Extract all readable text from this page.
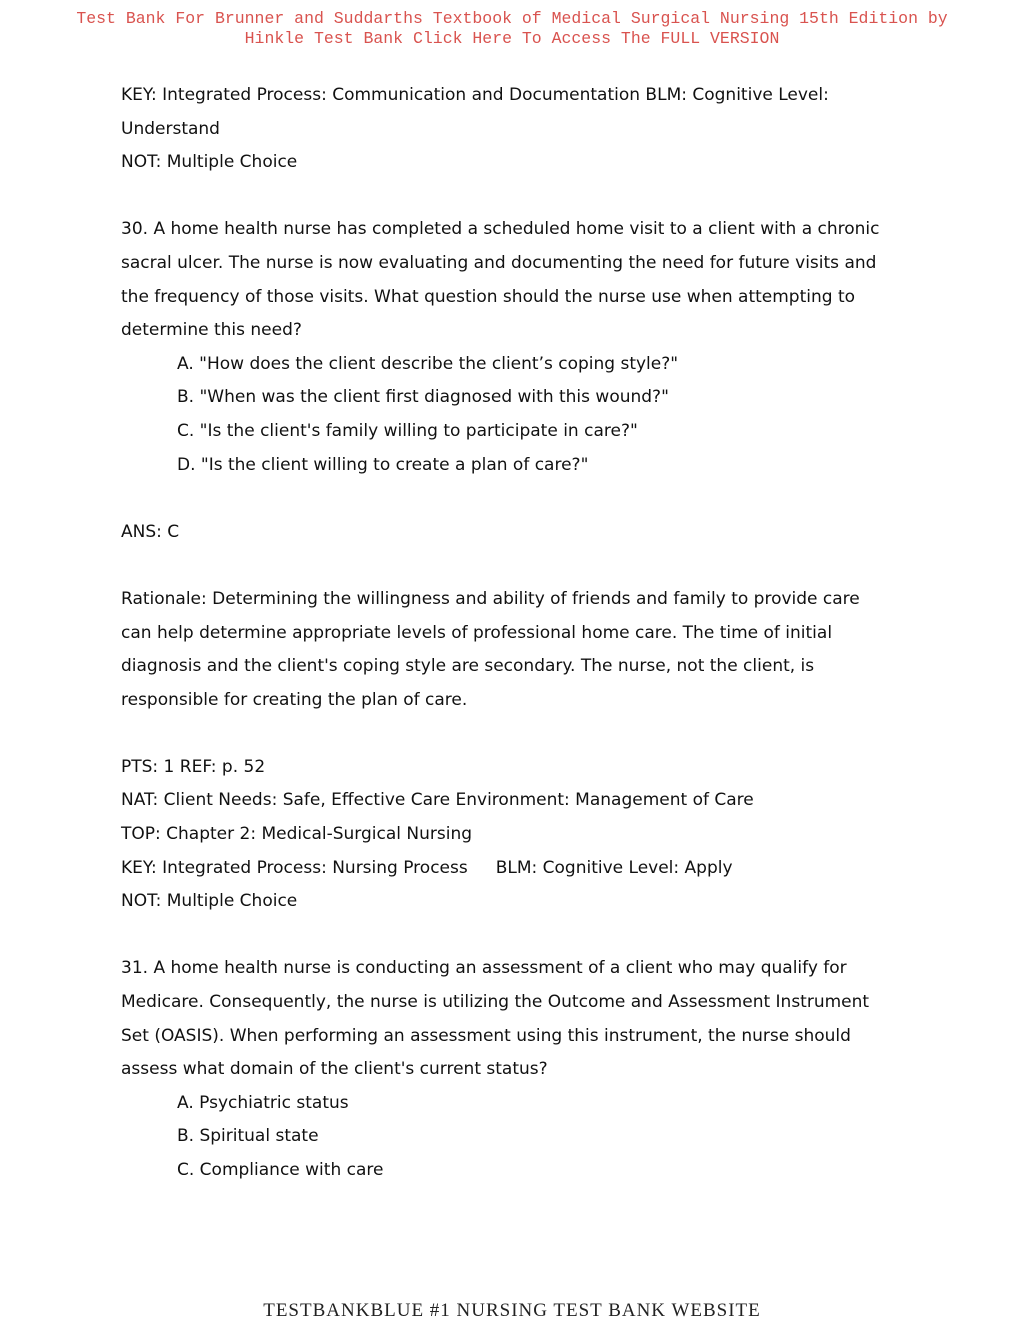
Test Bank For Brunner and Suddarths Textbook of Medical Surgical Nursing 15th Edition by
Hinkle Test Bank Click Here To Access The FULL VERSION
KEY: Integrated Process: Communication and Documentation BLM: Cognitive Level:
Understand
NOT: Multiple Choice
30. A home health nurse has completed a scheduled home visit to a client with a chronic
sacral ulcer. The nurse is now evaluating and documenting the need for future visits and
the frequency of those visits. What question should the nurse use when attempting to
determine this need?
A. "How does the client describe the client’s coping style?"
B. "When was the client first diagnosed with this wound?"
C. "Is the client's family willing to participate in care?"
D. "Is the client willing to create a plan of care?"
ANS: C
Rationale: Determining the willingness and ability of friends and family to provide care
can help determine appropriate levels of professional home care. The time of initial
diagnosis and the client's coping style are secondary. The nurse, not the client, is
responsible for creating the plan of care.
PTS: 1 REF: p. 52
NAT: Client Needs: Safe, Effective Care Environment: Management of Care
TOP: Chapter 2: Medical-Surgical Nursing
KEY: Integrated Process: Nursing Process BLM: Cognitive Level: Apply
NOT: Multiple Choice
31. A home health nurse is conducting an assessment of a client who may qualify for
Medicare. Consequently, the nurse is utilizing the Outcome and Assessment Instrument
Set (OASIS). When performing an assessment using this instrument, the nurse should
assess what domain of the client's current status?
A. Psychiatric status
B. Spiritual state
C. Compliance with care
TESTBANKBLUE #1 NURSING TEST BANK WEBSITE
